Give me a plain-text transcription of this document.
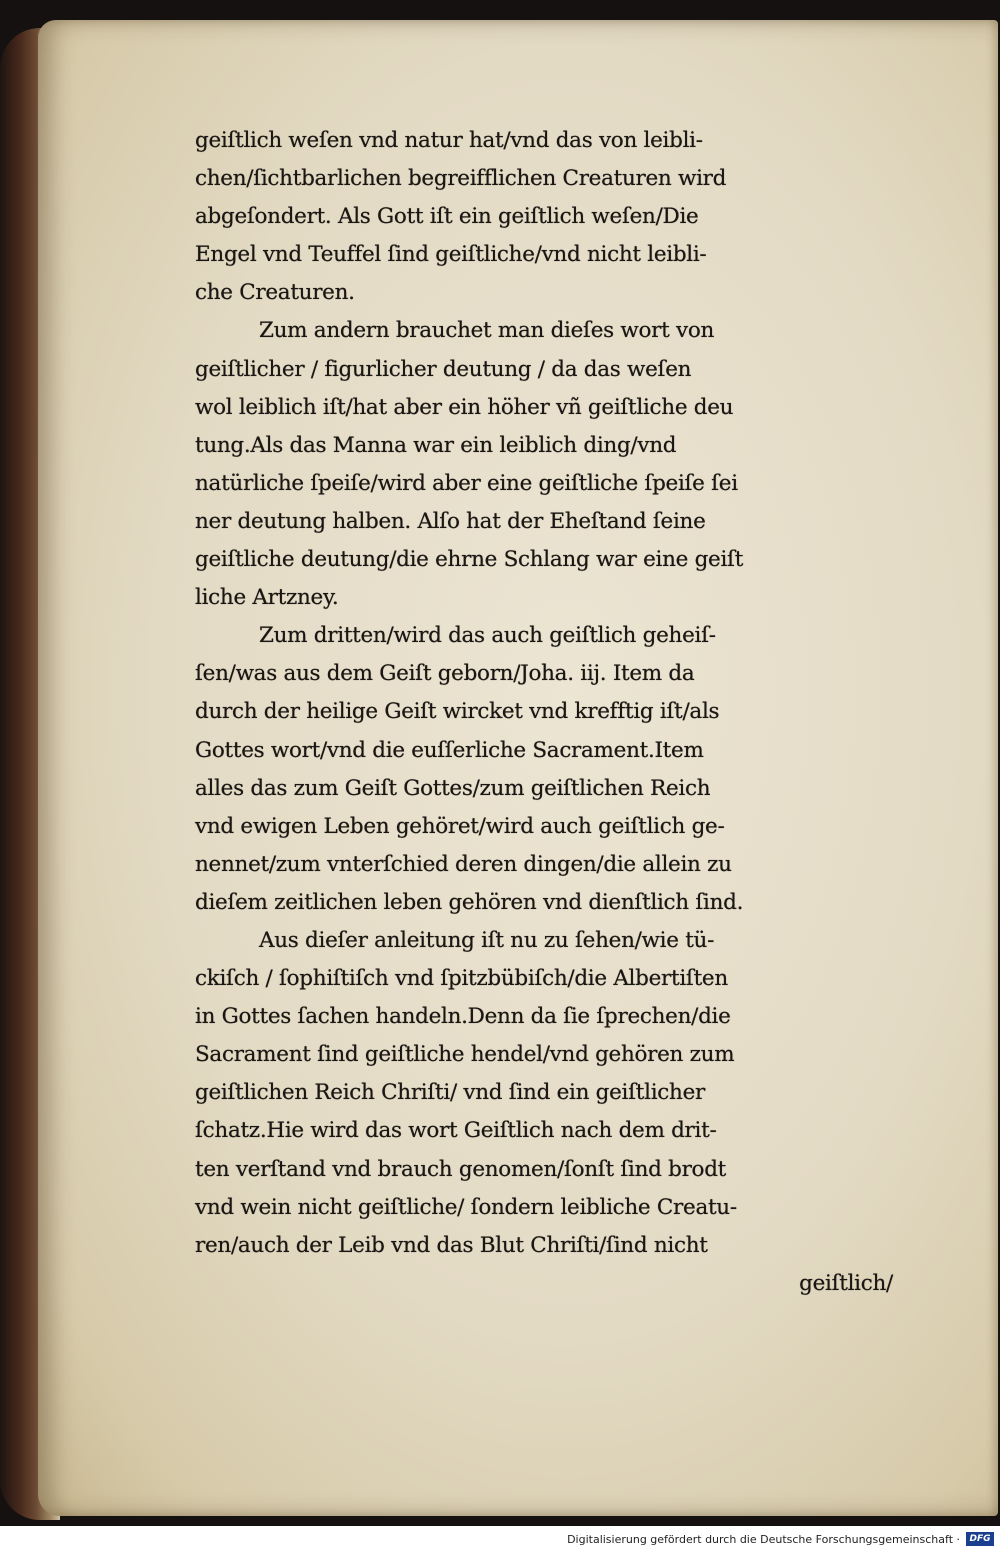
geiſtlich weſen vnd natur hat/vnd das von leibli-
chen/ſichtbarlichen begreifflichen Creaturen wird
abgeſondert. Als Gott iſt ein geiſtlich weſen/Die
Engel vnd Teuffel ſind geiſtliche/vnd nicht leibli-
che Creaturen.
Zum andern brauchet man dieſes wort von
geiſtlicher / figurlicher deutung / da das weſen
wol leiblich iſt/hat aber ein höher vñ geiſtliche deu
tung.Als das Manna war ein leiblich ding/vnd
natürliche ſpeiſe/wird aber eine geiſtliche ſpeiſe ſei
ner deutung halben. Alſo hat der Eheſtand ſeine
geiſtliche deutung/die ehrne Schlang war eine geiſt
liche Artzney.
Zum dritten/wird das auch geiſtlich geheiſ-
ſen/was aus dem Geiſt geborn/Joha. iij. Item da
durch der heilige Geiſt wircket vnd krefftig iſt/als
Gottes wort/vnd die euſſerliche Sacrament.Item
alles das zum Geiſt Gottes/zum geiſtlichen Reich
vnd ewigen Leben gehöret/wird auch geiſtlich ge-
nennet/zum vnterſchied deren dingen/die allein zu
dieſem zeitlichen leben gehören vnd dienſtlich ſind.
Aus dieſer anleitung iſt nu zu ſehen/wie tü-
ckiſch / ſophiſtiſch vnd ſpitzbübiſch/die Albertiſten
in Gottes ſachen handeln.Denn da ſie ſprechen/die
Sacrament ſind geiſtliche hendel/vnd gehören zum
geiſtlichen Reich Chriſti/ vnd ſind ein geiſtlicher
ſchatz.Hie wird das wort Geiſtlich nach dem drit-
ten verſtand vnd brauch genomen/ſonſt ſind brodt
vnd wein nicht geiſtliche/ ſondern leibliche Creatu-
ren/auch der Leib vnd das Blut Chriſti/ſind nicht
geiſtlich/
Digitalisierung gefördert durch die Deutsche Forschungsgemeinschaft ·	DFG
